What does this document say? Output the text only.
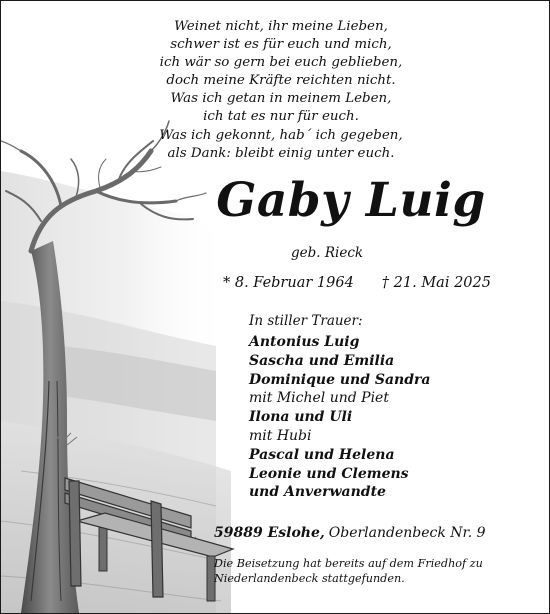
Weinet nicht, ihr meine Lieben,
schwer ist es für euch und mich,
ich wär so gern bei euch geblieben,
doch meine Kräfte reichten nicht.
Was ich getan in meinem Leben,
ich tat es nur für euch.
Was ich gekonnt, hab´ ich gegeben,
als Dank: bleibt einig unter euch.
Gaby Luig
geb. Rieck
* 8. Februar 1964 † 21. Mai 2025
In stiller Trauer:
Antonius Luig
Sascha und Emilia
Dominique und Sandra
mit Michel und Piet
Ilona und Uli
mit Hubi
Pascal und Helena
Leonie und Clemens
und Anverwandte
59889 Eslohe, Oberlandenbeck Nr. 9
Die Beisetzung hat bereits auf dem Friedhof zu Niederlandenbeck stattgefunden.
